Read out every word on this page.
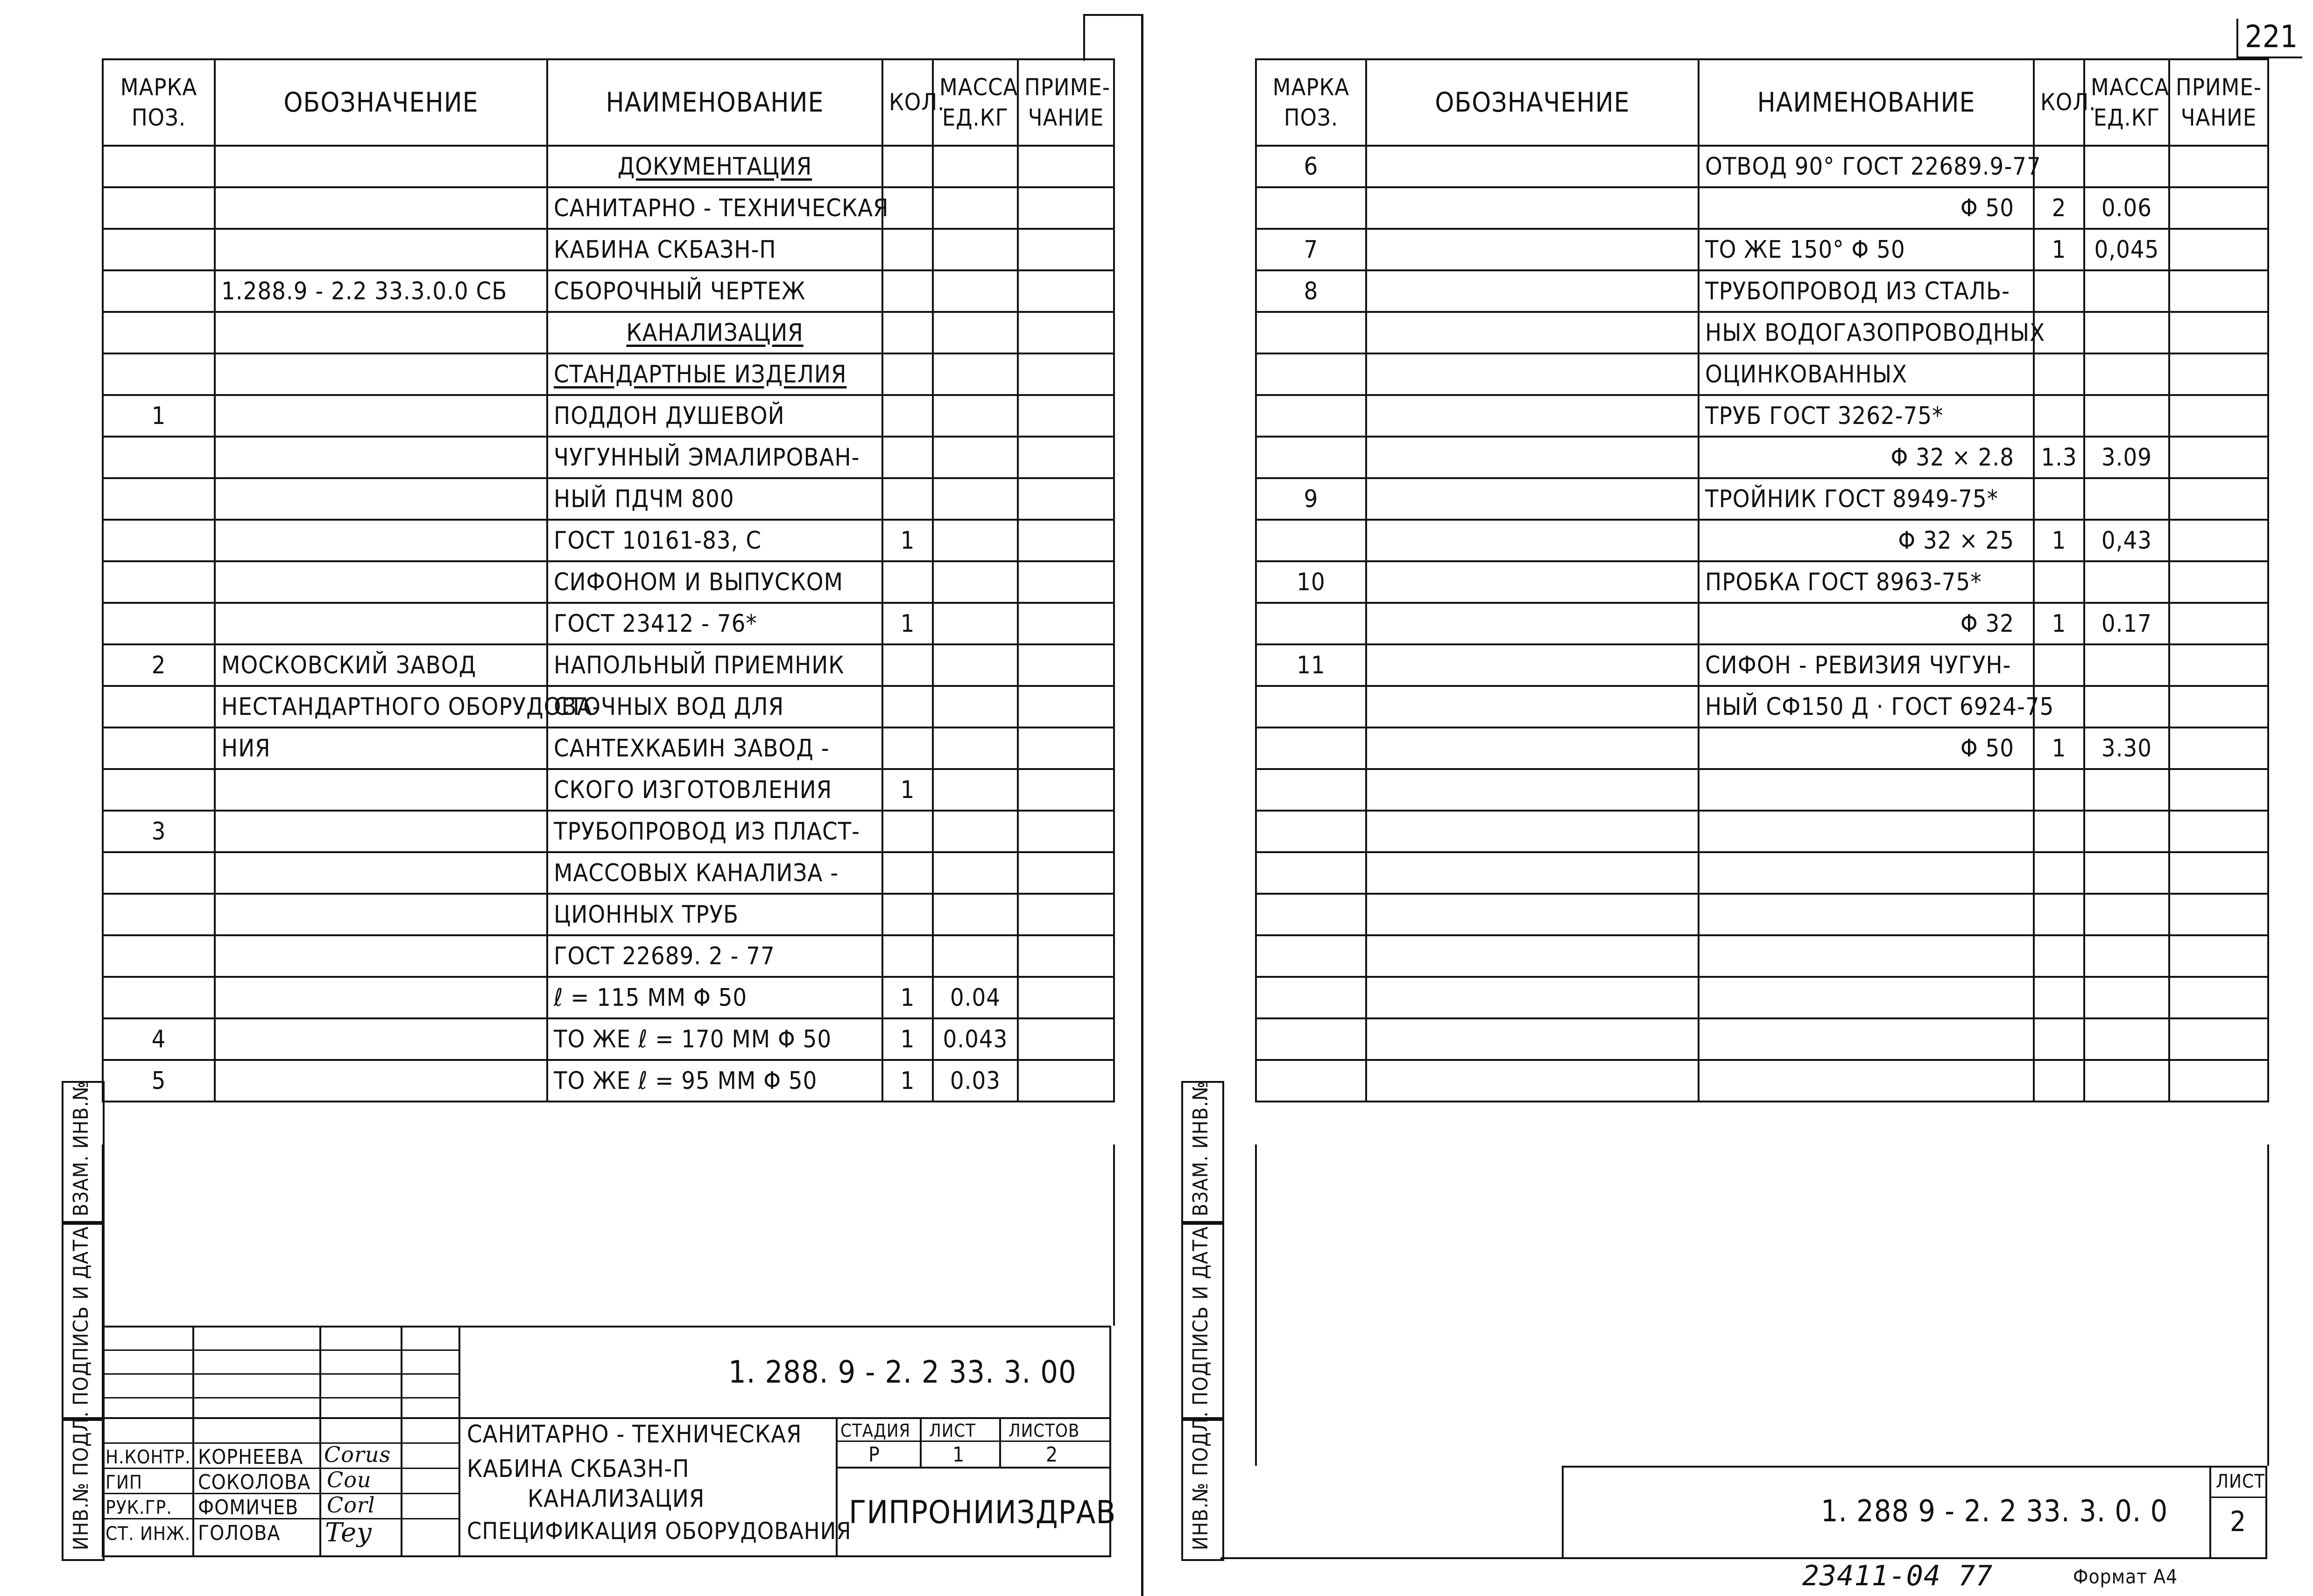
221
МАРКА ПОЗ.	ОБОЗНАЧЕНИЕ	НАИМЕНОВАНИЕ	КОЛ.	МАССА ЕД.КГ	ПРИМЕ-ЧАНИЕ
		ДОКУМЕНТАЦИЯ			
		САНИТАРНО - ТЕХНИЧЕСКАЯ			
		КАБИНА СКБАЗН-П			
	1.288.9 - 2.2 33.3.0.0 СБ	СБОРОЧНЫЙ ЧЕРТЕЖ			
		КАНАЛИЗАЦИЯ			
		СТАНДАРТНЫЕ ИЗДЕЛИЯ			
1		ПОДДОН ДУШЕВОЙ			
		ЧУГУННЫЙ ЭМАЛИРОВАН-			
		НЫЙ ПДЧМ 800			
		ГОСТ 10161-83, С	1		
		СИФОНОМ И ВЫПУСКОМ			
		ГОСТ 23412 - 76*	1		
2	МОСКОВСКИЙ ЗАВОД	НАПОЛЬНЫЙ ПРИЕМНИК			
	НЕСТАНДАРТНОГО ОБОРУДОВА-	СТОЧНЫХ ВОД ДЛЯ			
	НИЯ	САНТЕХКАБИН ЗАВОД -			
		СКОГО ИЗГОТОВЛЕНИЯ	1		
3		ТРУБОПРОВОД ИЗ ПЛАСТ-			
		МАССОВЫХ КАНАЛИЗА -			
		ЦИОННЫХ ТРУБ			
		ГОСТ 22689. 2 - 77			
		ℓ = 115 ММ Φ 50	1	0.04	
4		ТО ЖЕ ℓ = 170 ММ Φ 50	1	0.043	
5		ТО ЖЕ ℓ = 95 ММ Φ 50	1	0.03	
ВЗАМ. ИНВ.№
ПОДПИСЬ И ДАТА
ИНВ.№ ПОДЛ. Н.КОНТР. КОРНЕЕВА Corus
ГИП	СОКОЛОВА Cou
РУК.ГР. ФОМИЧЕВ Corl
СТ. ИНЖ. ГОЛОВА Tey
1. 288. 9 - 2. 2 33. 3. 00
САНИТАРНО - ТЕХНИЧЕСКАЯ
КАБИНА СКБАЗН-П
КАНАЛИЗАЦИЯ
СПЕЦИФИКАЦИЯ ОБОРУДОВАНИЯ
СТАДИЯ ЛИСТ ЛИСТОВ
Р	1	2
ГИПРОНИИЗДРАВ
МАРКА ПОЗ.	ОБОЗНАЧЕНИЕ	НАИМЕНОВАНИЕ	КОЛ.	МАССА ЕД.КГ	ПРИМЕ-ЧАНИЕ
6		ОТВОД 90° ГОСТ 22689.9-77			
		Φ 50	2	0.06	
7		ТО ЖЕ 150° Φ 50	1	0,045	
8		ТРУБОПРОВОД ИЗ СТАЛЬ-			
		НЫХ ВОДОГАЗОПРОВОДНЫХ			
		ОЦИНКОВАННЫХ			
		ТРУБ ГОСТ 3262-75*			
		Φ 32 × 2.8	1.3	3.09	
9		ТРОЙНИК ГОСТ 8949-75*			
		Φ 32 × 25	1	0,43	
10		ПРОБКА ГОСТ 8963-75*			
		Φ 32	1	0.17	
11		СИФОН - РЕВИЗИЯ ЧУГУН-			
		НЫЙ СФ150 Д · ГОСТ 6924-75			
		Φ 50	1	3.30	

ВЗАМ. ИНВ.№
ПОДПИСЬ И ДАТА
ИНВ.№ ПОДЛ.	1. 288 9 - 2. 2 33. 3. 0. 0
ЛИСТ
2
23411-04 77	Формат А4
